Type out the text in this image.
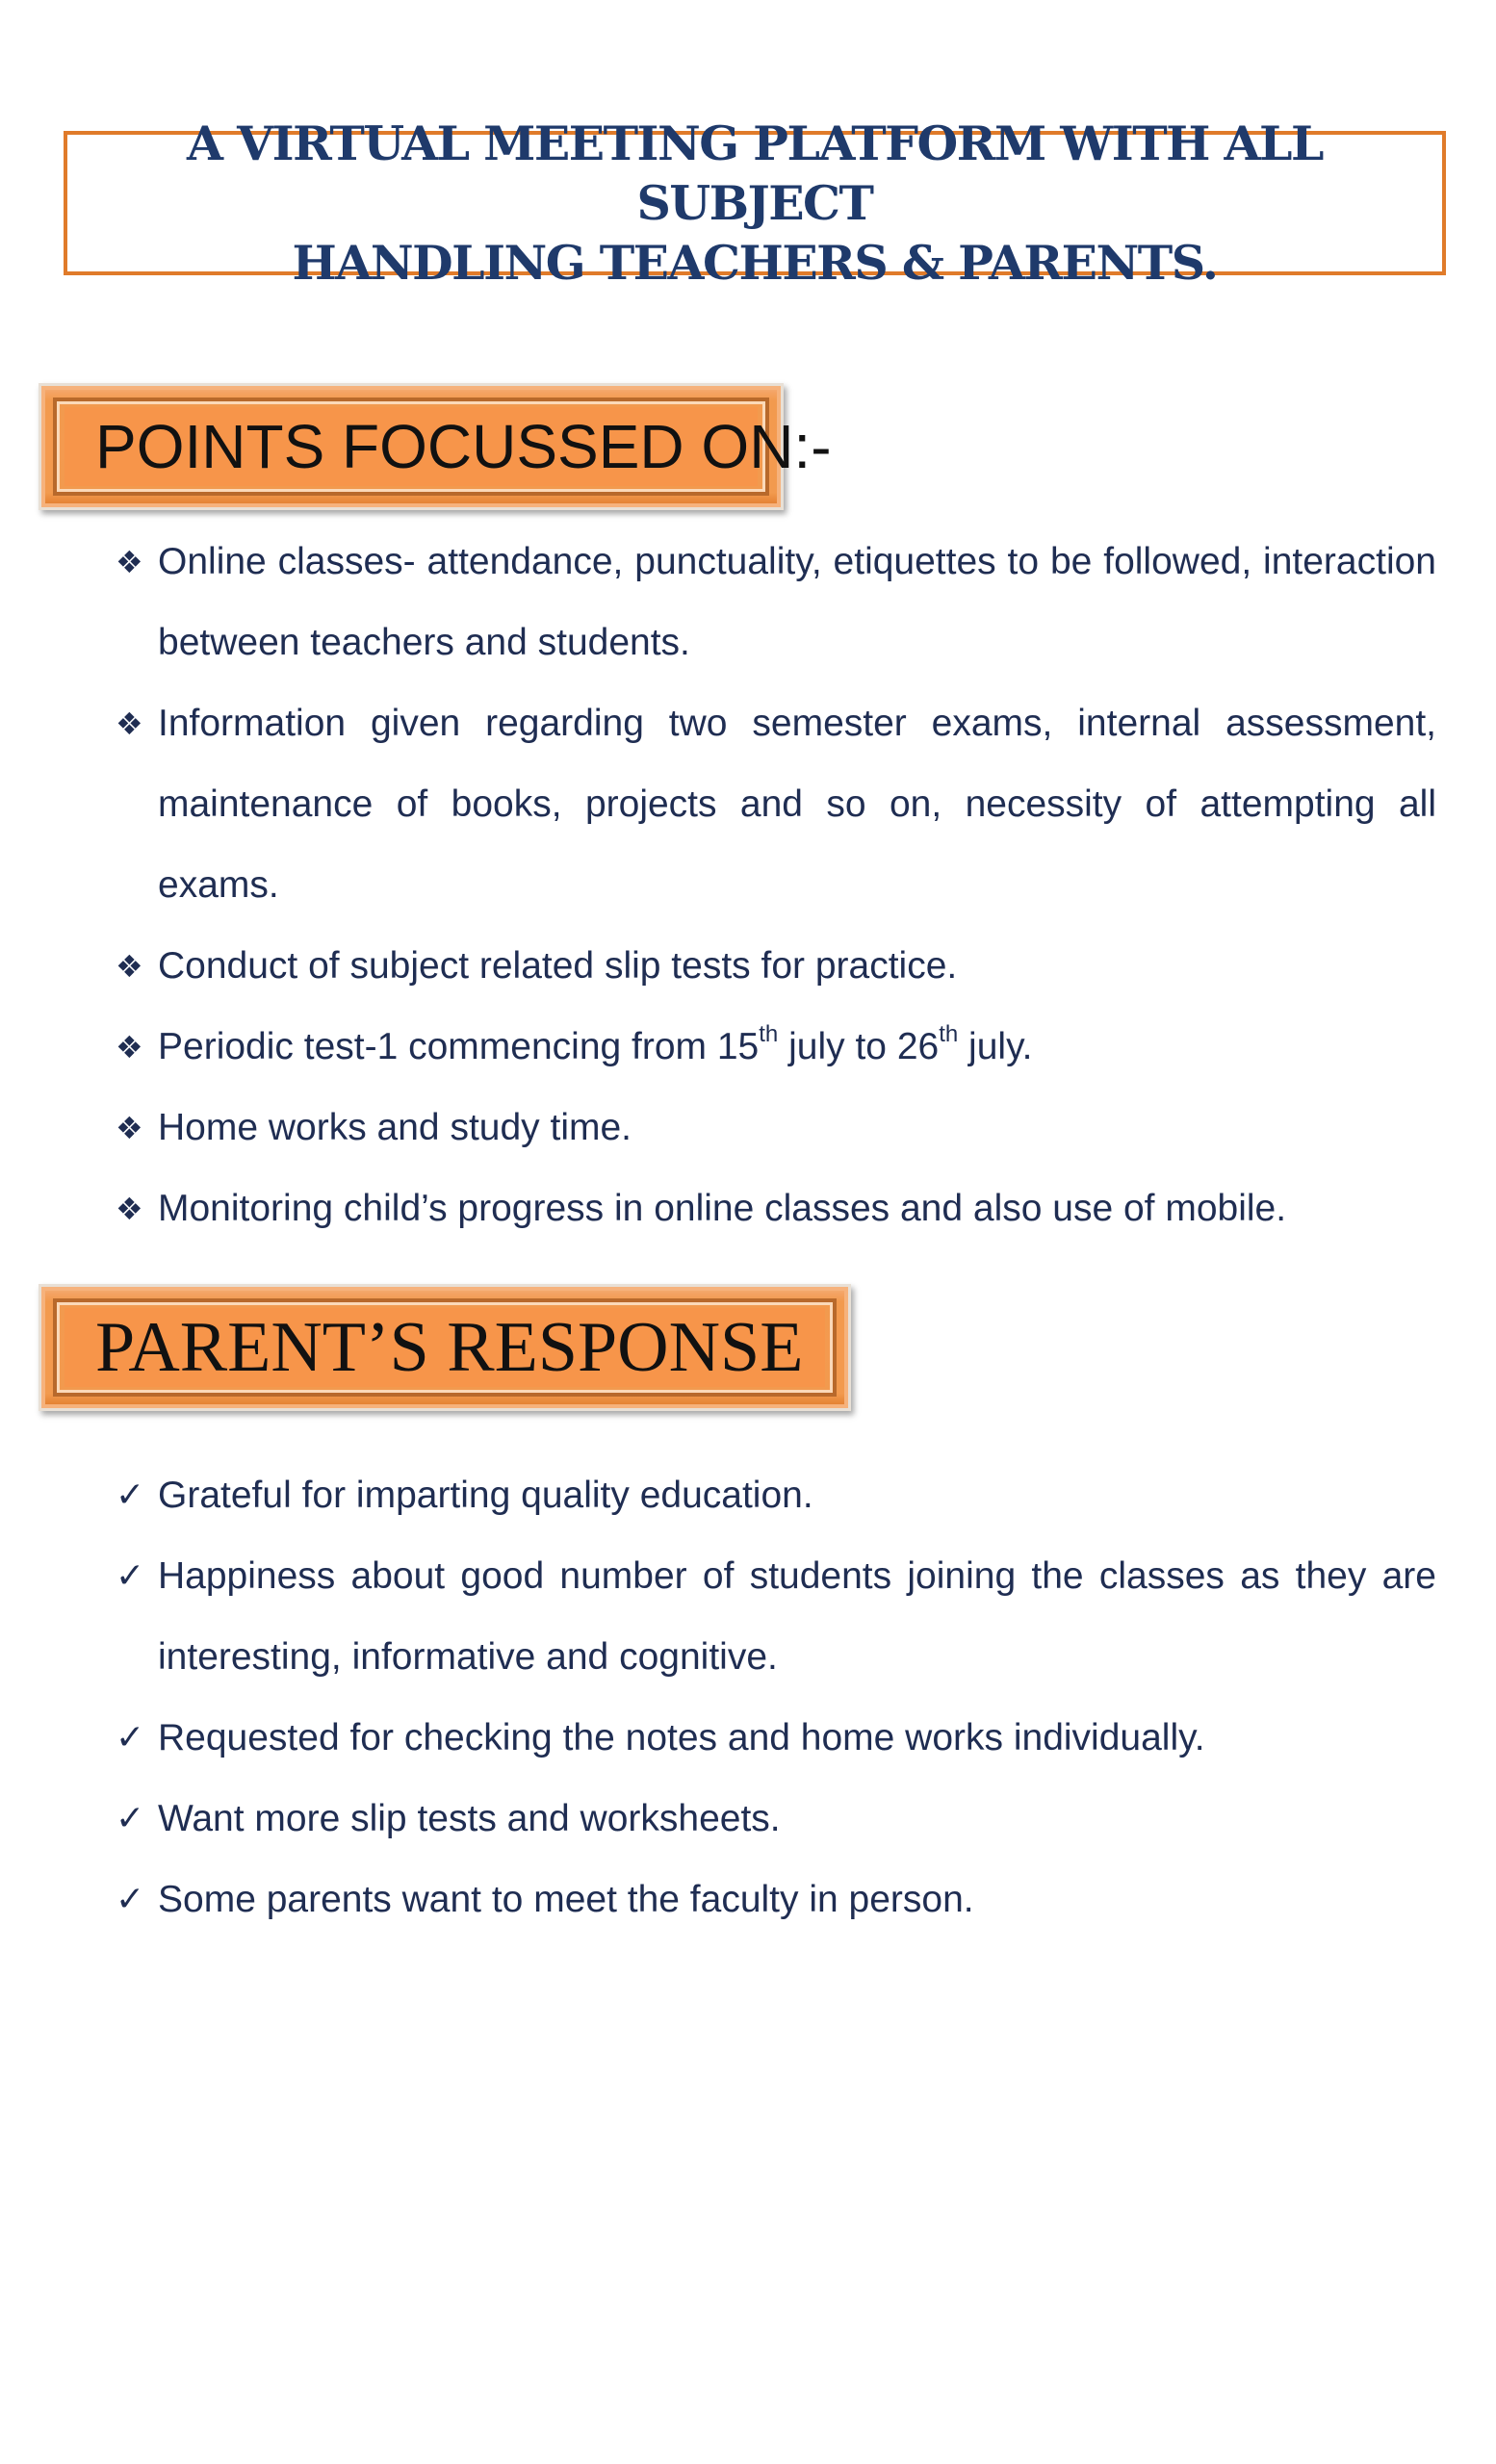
A VIRTUAL MEETING PLATFORM WITH ALL SUBJECT
HANDLING TEACHERS & PARENTS.

POINTS FOCUSSED ON:-

❖ Online classes- attendance, punctuality, etiquettes to be followed, interaction between teachers and students.
❖ Information given regarding two semester exams, internal assessment, maintenance of books, projects and so on, necessity of attempting all exams.
❖ Conduct of subject related slip tests for practice.
❖ Periodic test-1 commencing from 15th july to 26th july.
❖ Home works and study time.
❖ Monitoring child’s progress in online classes and also use of mobile.

PARENT’S RESPONSE

✓ Grateful for imparting quality education.
✓ Happiness about good number of students joining the classes as they are interesting, informative and cognitive.
✓ Requested for checking the notes and home works individually.
✓ Want more slip tests and worksheets.
✓ Some parents want to meet the faculty in person.
